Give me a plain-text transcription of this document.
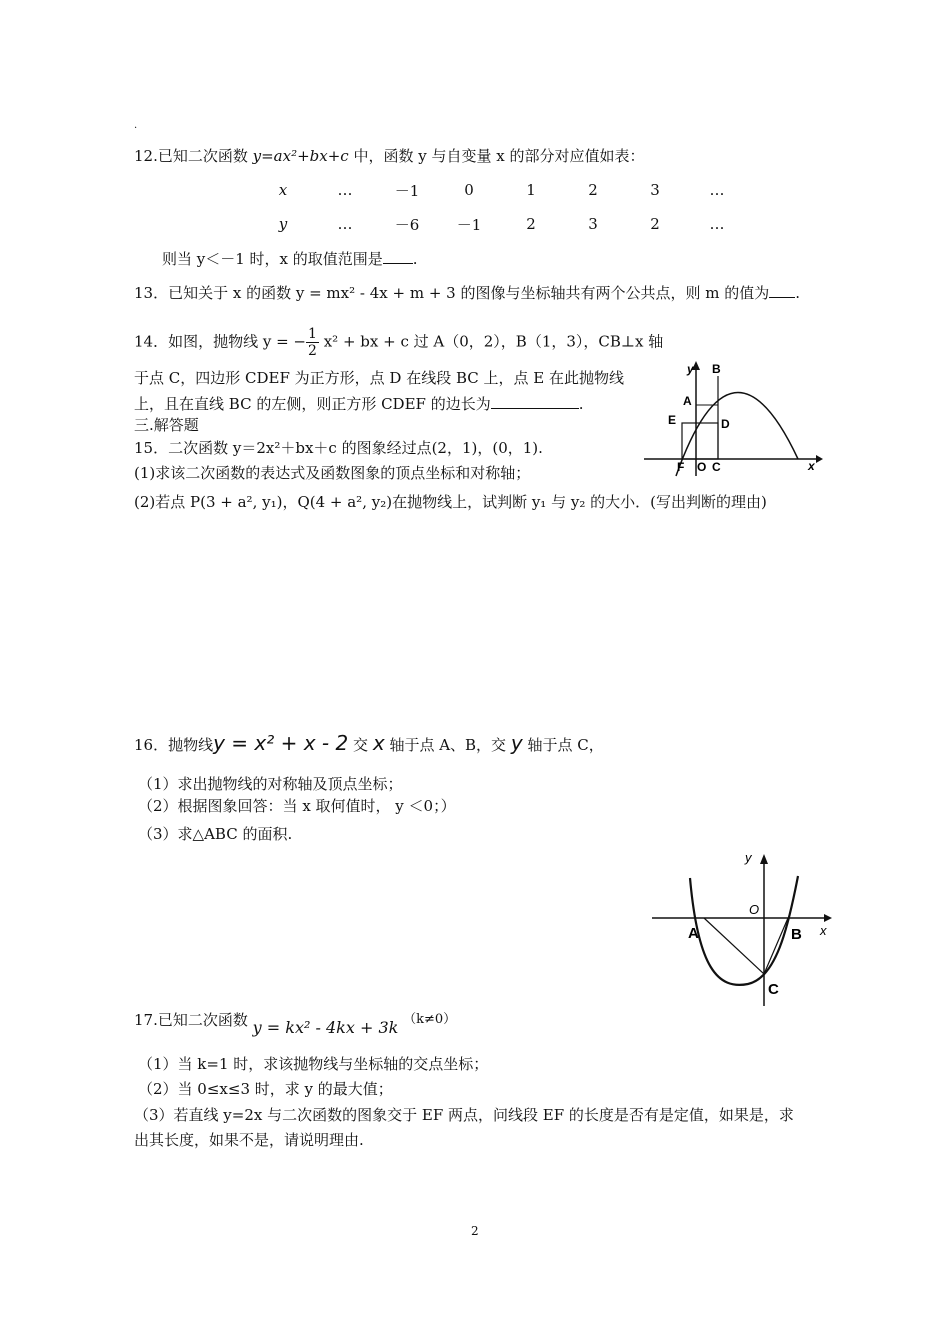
.
12.已知二次函数 y=ax²+bx+c 中，函数 y 与自变量 x 的部分对应值如表：
x	…	－1	0	1	2	3	…
y	…	－6	－1	2	3	2	…
则当 y＜－1 时，x 的取值范围是 .
13．已知关于 x 的函数 y = mx² - 4x + m + 3 的图像与坐标轴共有两个公共点，则 m 的值为 .
14．如图，抛物线 y = − $\frac{1}{2} x^2$ + bx + c 过 A（0，2），B（1，3），CB⊥x 轴
于点 C，四边形 CDEF 为正方形，点 D 在线段 BC 上，点 E 在此抛物线
上，且在直线 BC 的左侧，则正方形 CDEF 的边长为	.
y B
A
E	D
F O C	x
三.解答题
15．二次函数 y＝2x²＋bx＋c 的图象经过点(2，1)，(0，1).
(1)求该二次函数的表达式及函数图象的顶点坐标和对称轴；
(2)若点 P(3 + a², y₁)，Q(4 + a², y₂)在抛物线上，试判断 y₁ 与 y₂ 的大小．(写出判断的理由)
16．抛物线y = x² + x - 2 交 x 轴于点 A、B，交 y 轴于点 C，
（1）求出抛物线的对称轴及顶点坐标；
（2）根据图象回答：当 x 取何值时， y ＜0；）
（3）求△ABC 的面积.
y
O
A	B x
C
17.已知二次函数 y = kx² - 4kx + 3k （k≠0）
（1）当 k=1 时，求该抛物线与坐标轴的交点坐标；
（2）当 0≤x≤3 时，求 y 的最大值；
（3）若直线 y=2x 与二次函数的图象交于 EF 两点，问线段 EF 的长度是否有是定值，如果是，求
出其长度，如果不是，请说明理由.
2
